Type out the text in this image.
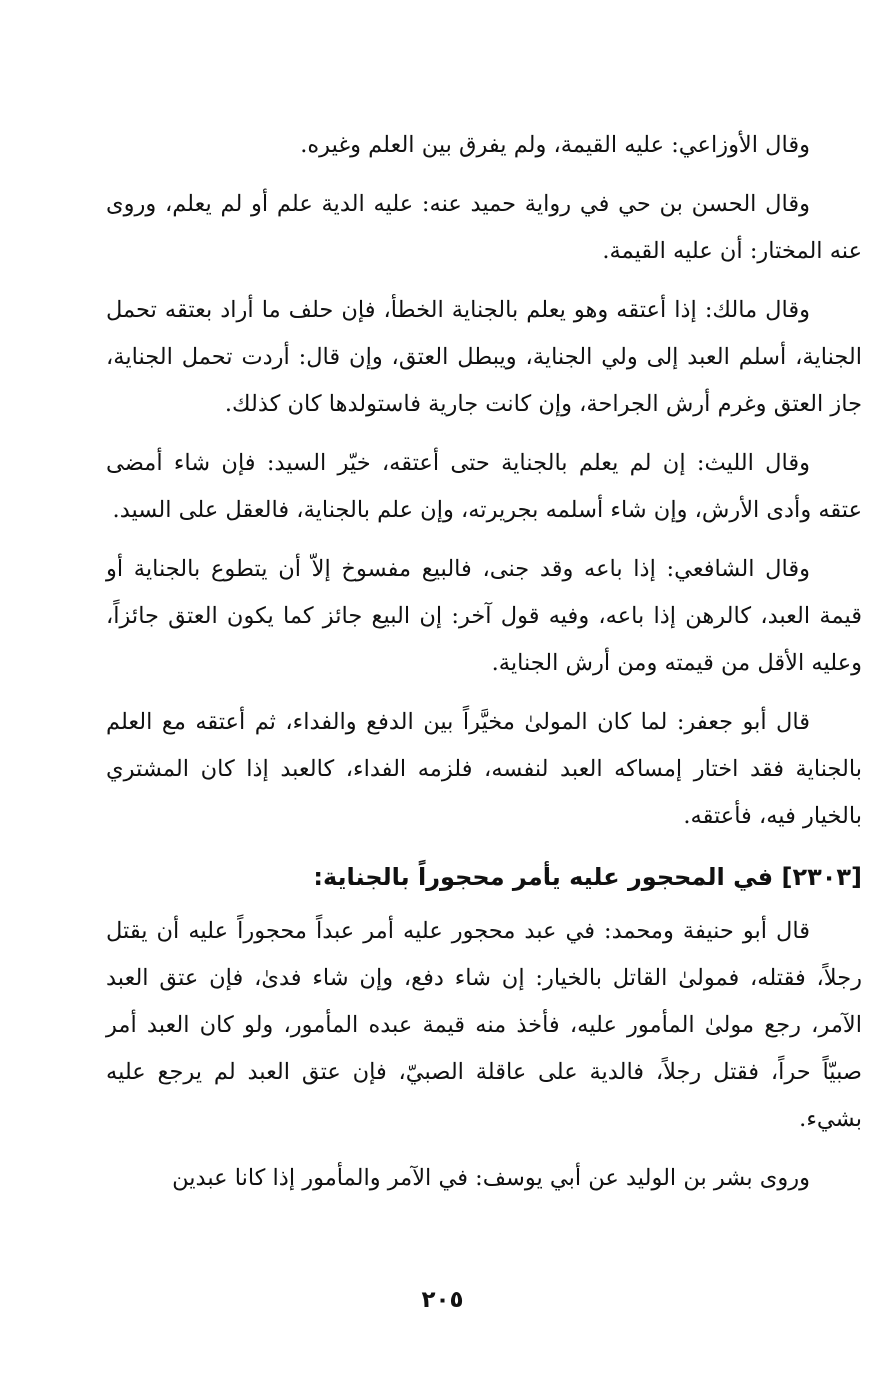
وقال الأوزاعي: عليه القيمة، ولم يفرق بين العلم وغيره.

وقال الحسن بن حي في رواية حميد عنه: عليه الدية علم أو لم يعلم، وروى عنه المختار: أن عليه القيمة.

وقال مالك: إذا أعتقه وهو يعلم بالجناية الخطأ، فإن حلف ما أراد بعتقه تحمل الجناية، أسلم العبد إلى ولي الجناية، ويبطل العتق، وإن قال: أردت تحمل الجناية، جاز العتق وغرم أرش الجراحة، وإن كانت جارية فاستولدها كان كذلك.

وقال الليث: إن لم يعلم بالجناية حتى أعتقه، خيّر السيد: فإن شاء أمضى عتقه وأدى الأرش، وإن شاء أسلمه بجريرته، وإن علم بالجناية، فالعقل على السيد.

وقال الشافعي: إذا باعه وقد جنى، فالبيع مفسوخ إلاّ أن يتطوع بالجناية أو قيمة العبد، كالرهن إذا باعه، وفيه قول آخر: إن البيع جائز كما يكون العتق جائزاً، وعليه الأقل من قيمته ومن أرش الجناية.

قال أبو جعفر: لما كان المولىٰ مخيَّراً بين الدفع والفداء، ثم أعتقه مع العلم بالجناية فقد اختار إمساكه العبد لنفسه، فلزمه الفداء، كالعبد إذا كان المشتري بالخيار فيه، فأعتقه.

[٢٣٠٣] في المحجور عليه يأمر محجوراً بالجناية:

قال أبو حنيفة ومحمد: في عبد محجور عليه أمر عبداً محجوراً عليه أن يقتل رجلاً، فقتله، فمولىٰ القاتل بالخيار: إن شاء دفع، وإن شاء فدىٰ، فإن عتق العبد الآمر، رجع مولىٰ المأمور عليه، فأخذ منه قيمة عبده المأمور، ولو كان العبد أمر صبيّاً حراً، فقتل رجلاً، فالدية على عاقلة الصبيّ، فإن عتق العبد لم يرجع عليه بشيء.

وروى بشر بن الوليد عن أبي يوسف: في الآمر والمأمور إذا كانا عبدين

٢٠٥
